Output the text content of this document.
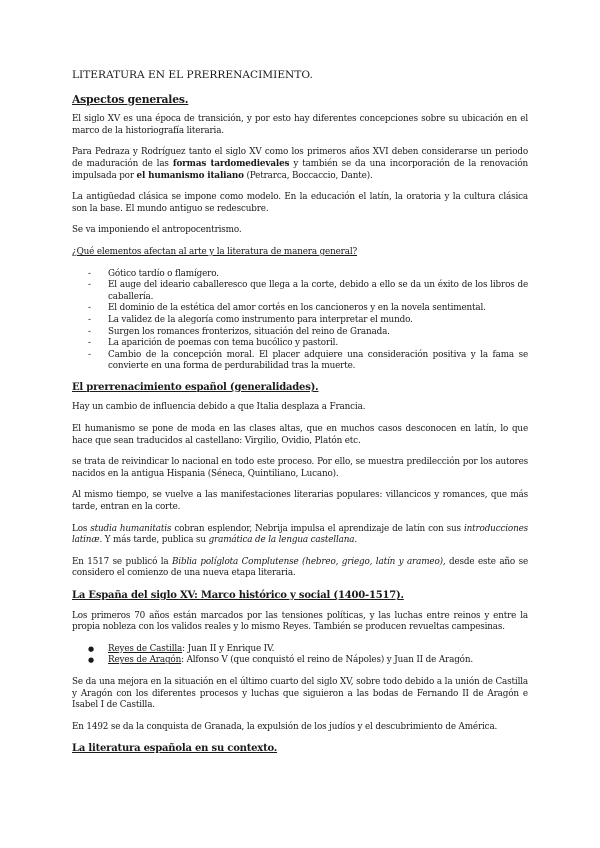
LITERATURA EN EL PRERRENACIMIENTO.
Aspectos generales.

El siglo XV es una época de transición, y por esto hay diferentes concepciones sobre su ubicación en el marco de la historiografía literaria.

Para Pedraza y Rodríguez tanto el siglo XV como los primeros años XVI deben considerarse un periodo de maduración de las formas tardomedievales y también se da una incorporación de la renovación impulsada por el humanismo italiano (Petrarca, Boccaccio, Dante).

La antigüedad clásica se impone como modelo. En la educación el latín, la oratoria y la cultura clásica son la base. El mundo antiguo se redescubre.

Se va imponiendo el antropocentrismo.

¿Qué elementos afectan al arte y la literatura de manera general?

- Gótico tardío o flamígero.
- El auge del ideario caballeresco que llega a la corte, debido a ello se da un éxito de los libros de caballería.
- El dominio de la estética del amor cortés en los cancioneros y en la novela sentimental.
- La validez de la alegoría como instrumento para interpretar el mundo.
- Surgen los romances fronterizos, situación del reino de Granada.
- La aparición de poemas con tema bucólico y pastoril.
- Cambio de la concepción moral. El placer adquiere una consideración positiva y la fama se convierte en una forma de perdurabilidad tras la muerte.
El prerrenacimiento español (generalidades).

Hay un cambio de influencia debido a que Italia desplaza a Francia.

El humanismo se pone de moda en las clases altas, que en muchos casos desconocen en latín, lo que hace que sean traducidos al castellano: Virgilio, Ovidio, Platón etc.

se trata de reivindicar lo nacional en todo este proceso. Por ello, se muestra predilección por los autores nacidos en la antigua Hispania (Séneca, Quintiliano, Lucano).

Al mismo tiempo, se vuelve a las manifestaciones literarias populares: villancicos y romances, que más tarde, entran en la corte.

Los studia humanitatis cobran esplendor, Nebrija impulsa el aprendizaje de latín con sus introducciones latinæ. Y más tarde, publica su gramática de la lengua castellana.

En 1517 se publicó la Biblia políglota Complutense (hebreo, griego, latín y arameo), desde este año se considero el comienzo de una nueva etapa literaria.

La España del siglo XV: Marco histórico y social (1400-1517).

Los primeros 70 años están marcados por las tensiones políticas, y las luchas entre reinos y entre la propia nobleza con los validos reales y lo mismo Reyes. También se producen revueltas campesinas.

● Reyes de Castilla: Juan II y Enrique IV.
● Reyes de Aragón: Alfonso V (que conquistó el reino de Nápoles) y Juan II de Aragón.

Se da una mejora en la situación en el último cuarto del siglo XV, sobre todo debido a la unión de Castilla y Aragón con los diferentes procesos y luchas que siguieron a las bodas de Fernando II de Aragón e Isabel I de Castilla.

En 1492 se da la conquista de Granada, la expulsión de los judíos y el descubrimiento de América.

La literatura española en su contexto.
